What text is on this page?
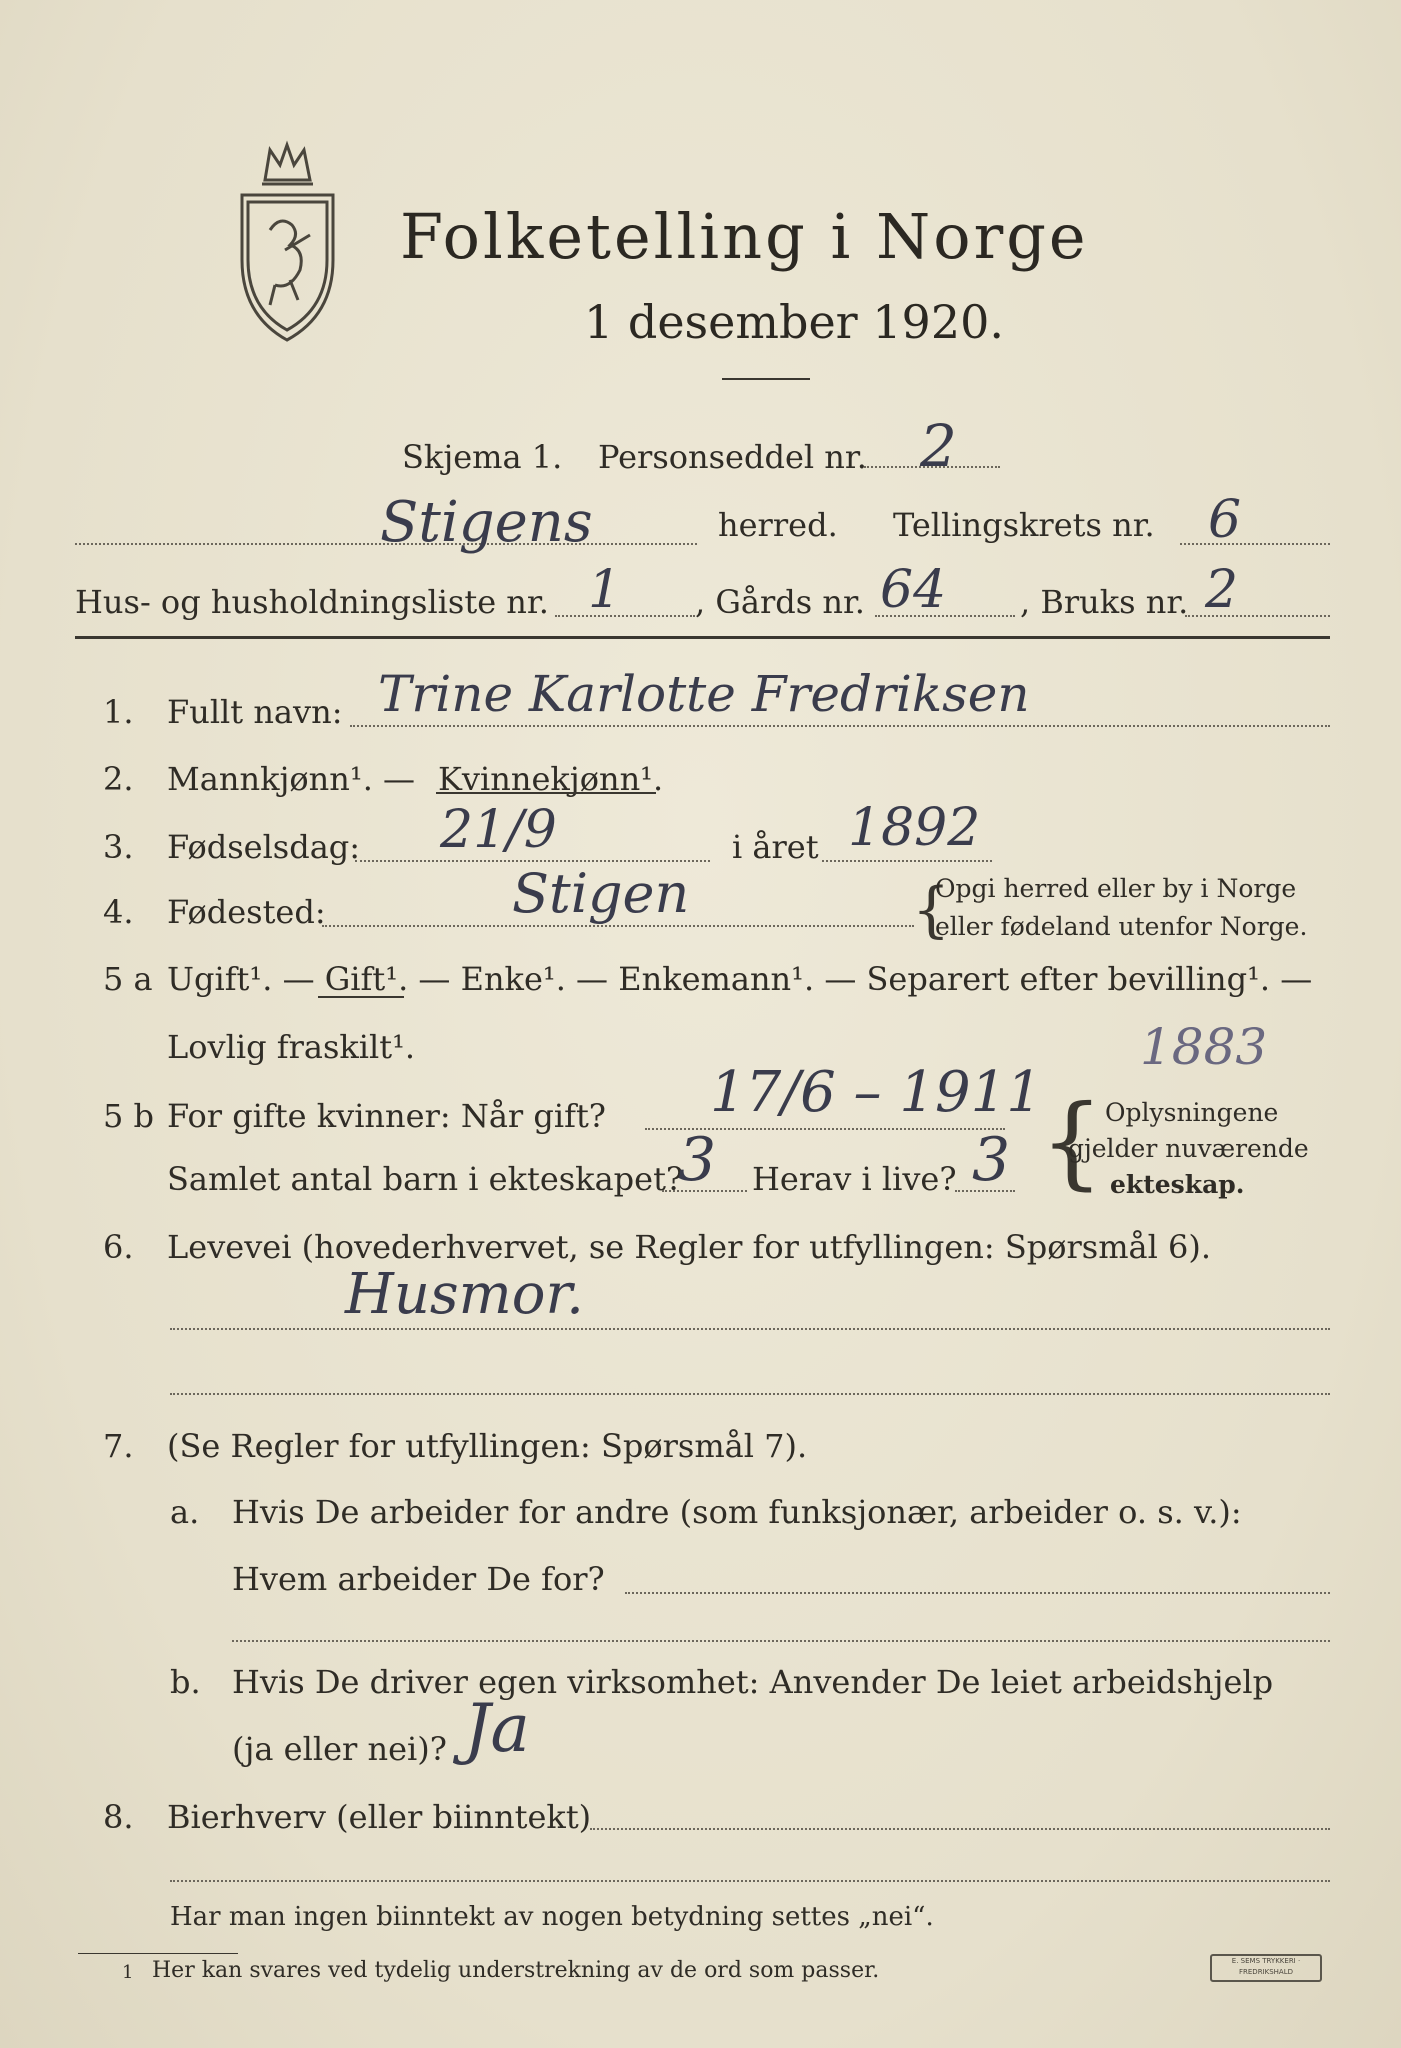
Folketelling i Norge
1 desember 1920.
Skjema 1. Personseddel nr. 2
Stigens	herred. Tellingskrets nr. 6
Hus- og husholdningsliste nr. 1 , Gårds nr. 64 , Bruks nr. 2
1. Fullt navn: Trine Karlotte Fredriksen
2. Mannkjønn¹. — Kvinnekjønn¹.
3. Fødselsdag: 21/9	i året 1892
4. Fødested:	Stigen	{
Opgi herred eller by i Norge
eller fødeland utenfor Norge.
5 a Ugift¹. — Gift¹. — Enke¹. — Enkemann¹. — Separert efter bevilling¹. —
Lovlig fraskilt¹.	1883
5 b For gifte kvinner: Når gift? 17/6 – 1911
Samlet antal barn i ekteskapet?
3 Herav i live? 3 { Oplysningene
gjelder nuværende
ekteskap.
6. Levevei (hovederhvervet, se Regler for utfyllingen: Spørsmål 6).
Husmor.
7. (Se Regler for utfyllingen: Spørsmål 7).
a. Hvis De arbeider for andre (som funksjonær, arbeider o. s. v.):
Hvem arbeider De for?
b. Hvis De driver egen virksomhet: Anvender De leiet arbeidshjelp
(ja eller nei)? Ja
8. Bierhverv (eller biinntekt)
Har man ingen biinntekt av nogen betydning settes „nei“.
1 Her kan svares ved tydelig understrekning av de ord som passer.	E. SEMS TRYKKERI · FREDRIKSHALD
